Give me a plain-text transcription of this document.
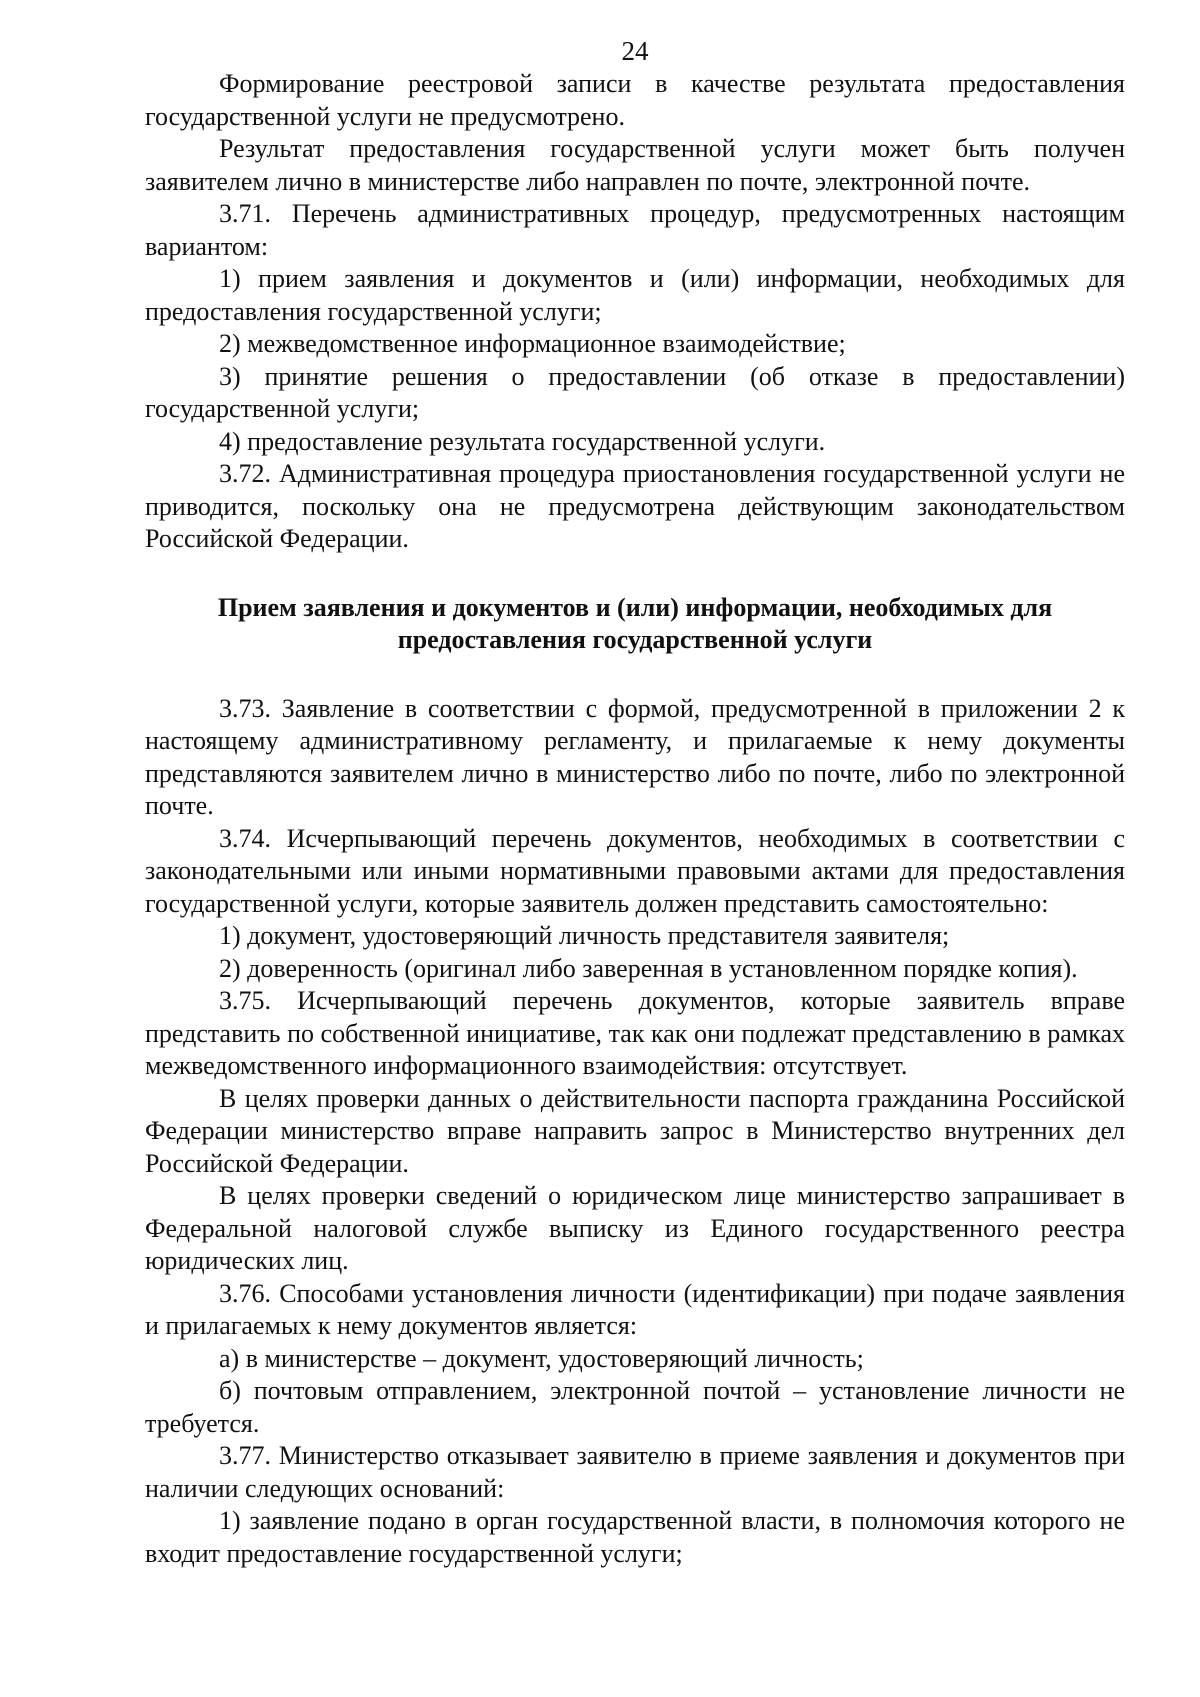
24

Формирование реестровой записи в качестве результата предоставления государственной услуги не предусмотрено.

Результат предоставления государственной услуги может быть получен заявителем лично в министерстве либо направлен по почте, электронной почте.

3.71. Перечень административных процедур, предусмотренных настоящим вариантом:

1) прием заявления и документов и (или) информации, необходимых для предоставления государственной услуги;

2) межведомственное информационное взаимодействие;

3) принятие решения о предоставлении (об отказе в предоставлении) государственной услуги;

4) предоставление результата государственной услуги.

3.72. Административная процедура приостановления государственной услуги не приводится, поскольку она не предусмотрена действующим законодательством Российской Федерации.

Прием заявления и документов и (или) информации, необходимых для
предоставления государственной услуги

3.73. Заявление в соответствии с формой, предусмотренной в приложении 2 к настоящему административному регламенту, и прилагаемые к нему документы представляются заявителем лично в министерство либо по почте, либо по электронной почте.

3.74. Исчерпывающий перечень документов, необходимых в соответствии с законодательными или иными нормативными правовыми актами для предоставления государственной услуги, которые заявитель должен представить самостоятельно:

1) документ, удостоверяющий личность представителя заявителя;

2) доверенность (оригинал либо заверенная в установленном порядке копия).

3.75. Исчерпывающий перечень документов, которые заявитель вправе представить по собственной инициативе, так как они подлежат представлению в рамках межведомственного информационного взаимодействия: отсутствует.

В целях проверки данных о действительности паспорта гражданина Российской Федерации министерство вправе направить запрос в Министерство внутренних дел Российской Федерации.

В целях проверки сведений о юридическом лице министерство запрашивает в Федеральной налоговой службе выписку из Единого государственного реестра юридических лиц.

3.76. Способами установления личности (идентификации) при подаче заявления и прилагаемых к нему документов является:

а) в министерстве – документ, удостоверяющий личность;

б) почтовым отправлением, электронной почтой – установление личности не требуется.

3.77. Министерство отказывает заявителю в приеме заявления и документов при наличии следующих оснований:

1) заявление подано в орган государственной власти, в полномочия которого не входит предоставление государственной услуги;
